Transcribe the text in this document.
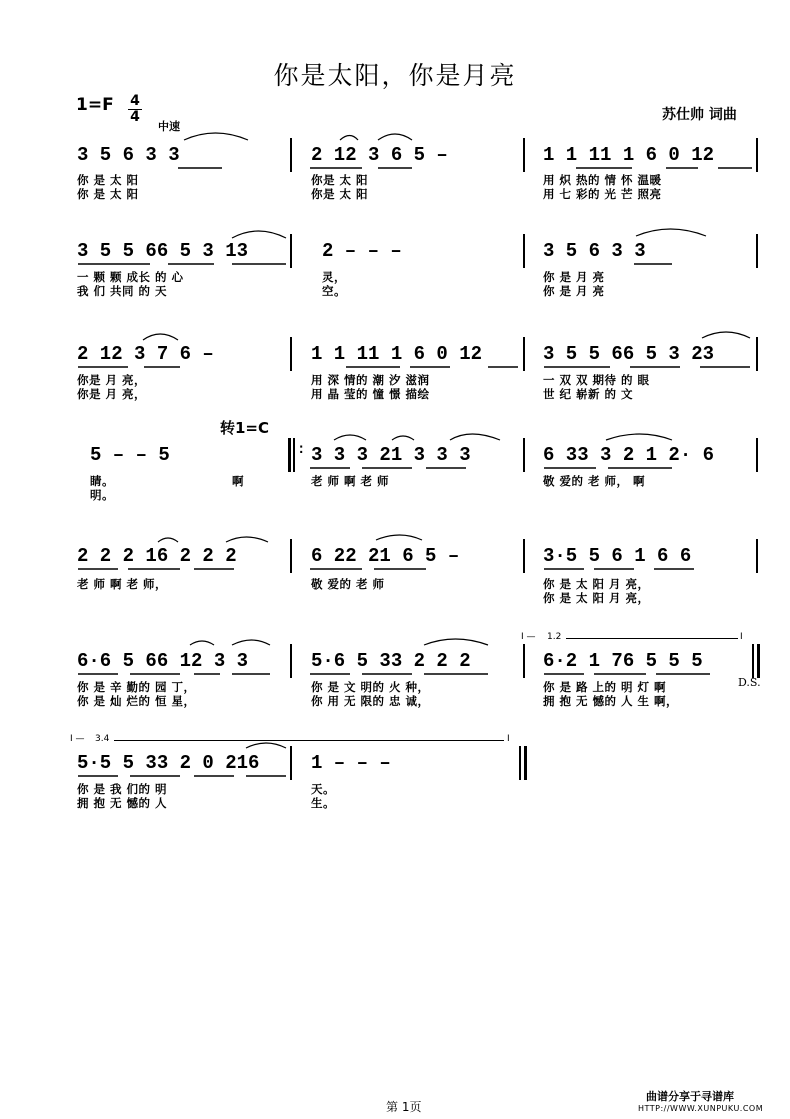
你是太阳，你是月亮
1=F 4
4
中速
苏仕帅 词曲
3 5 6 3 3	2 12 3 6 5 –	1 1 11 1 6 0 12
你 是 太 阳	你是 太 阳	用 炽 热的 情 怀 温暖
你 是 太 阳	你是 太 阳	用 七 彩的 光 芒 照亮
3 5 5 66 5 3 13	2 – – –	3 5 6 3 3
一 颗 颗 成长 的 心	灵，	你 是 月 亮
我 们 共同 的 天	空。	你 是 月 亮
2 12 3 7 6 –	1 1 11 1 6 0 12	3 5 5 66 5 3 23
你是 月 亮，	用 深 情的 潮 汐 滋润	一 双 双 期待 的 眼
你是 月 亮，	用 晶 莹的 憧 憬 描绘	世 纪 崭新 的 文
转1=C
5 – – 5	: 3 3 3 21 3 3 3	6 33 3 2 1 2· 6
睛。	啊	老 师 啊 老 师	敬 爱的 老 师， 啊
明。
2 2 2 16 2 2 2	6 22 21 6 5 –	3·5 5 6 1 6 6
老 师 啊 老 师，	敬 爱的 老 师	你 是 太 阳 月 亮，
你 是 太 阳 月 亮，
I — 1.2	I
6·6 5 66 12 3 3	5·6 5 33 2 2 2	6·2 1 76 5 5 5
D.S.
你 是 辛 勤的 园 丁，	你 是 文 明的 火 种，	你 是 路 上的 明 灯 啊
你 是 灿 烂的 恒 星，	你 用 无 限的 忠 诚，	拥 抱 无 憾的 人 生 啊，
I — 3.4	I
5·5 5 33 2 0 216	1 – – –
你 是 我 们的 明	天。
拥 抱 无 憾的 人	生。
第 1页
曲谱分享于寻谱库
HTTP://WWW.XUNPUKU.COM
